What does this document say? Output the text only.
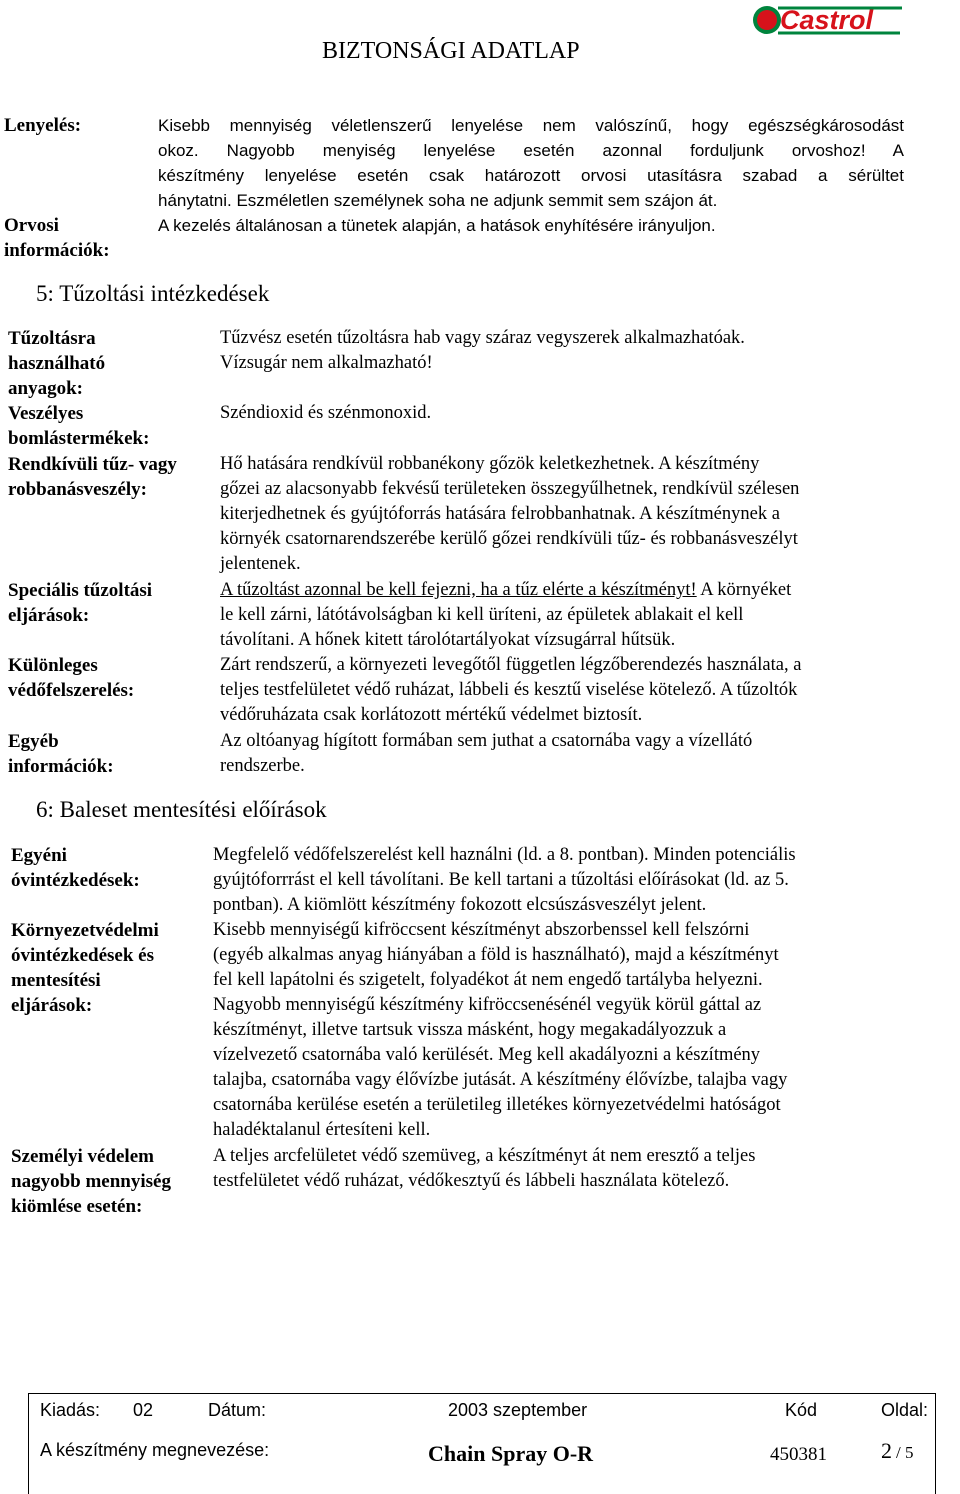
BIZTONSÁGI ADATLAP
Castrol
Lenyelés:	Kisebb mennyiség véletlenszerű lenyelése nem valószínű, hogy egészségkárosodást
okoz. Nagyobb menyiség lenyelése esetén azonnal forduljunk orvoshoz! A
készítmény lenyelése esetén csak határozott orvosi utasításra szabad a sérültet
hánytatni. Eszméletlen személynek soha ne adjunk semmit sem szájon át.
Orvosi
információk:
A kezelés általánosan a tünetek alapján, a hatások enyhítésére irányuljon.
5: Tűzoltási intézkedések
Tűzoltásra
használható
anyagok:
Tűzvész esetén tűzoltásra hab vagy száraz vegyszerek alkalmazhatóak.
Vízsugár nem alkalmazható!
Veszélyes
bomlástermékek:
Széndioxid és szénmonoxid.
Rendkívüli tűz- vagy
robbanásveszély:
Hő hatására rendkívül robbanékony gőzök keletkezhetnek. A készítmény
gőzei az alacsonyabb fekvésű területeken összegyűlhetnek, rendkívül szélesen
kiterjedhetnek és gyújtóforrás hatására felrobbanhatnak. A készítménynek a
környék csatornarendszerébe kerülő gőzei rendkívüli tűz- és robbanásveszélyt
jelentenek.
Speciális tűzoltási
eljárások:
A tűzoltást azonnal be kell fejezni, ha a tűz elérte a készítményt! A környéket
le kell zárni, látótávolságban ki kell üríteni, az épületek ablakait el kell
távolítani. A hőnek kitett tárolótartályokat vízsugárral hűtsük.
Különleges
védőfelszerelés:
Zárt rendszerű, a környezeti levegőtől független légzőberendezés használata, a
teljes testfelületet védő ruházat, lábbeli és kesztű viselése kötelező. A tűzoltók
védőruházata csak korlátozott mértékű védelmet biztosít.
Egyéb
információk:
Az oltóanyag hígított formában sem juthat a csatornába vagy a vízellátó
rendszerbe.
6: Baleset mentesítési előírások
Egyéni
óvintézkedések:
Megfelelő védőfelszerelést kell haználni (ld. a 8. pontban). Minden potenciális
gyújtóforrrást el kell távolítani. Be kell tartani a tűzoltási előírásokat (ld. az 5.
pontban). A kiömlött készítmény fokozott elcsúszásveszélyt jelent.
Környezetvédelmi
óvintézkedések és
mentesítési
eljárások:
Kisebb mennyiségű kifröccsent készítményt abszorbenssel kell felszórni
(egyéb alkalmas anyag hiányában a föld is használható), majd a készítményt
fel kell lapátolni és szigetelt, folyadékot át nem engedő tartályba helyezni.
Nagyobb mennyiségű készítmény kifröccsenésénél vegyük körül gáttal az
készítményt, illetve tartsuk vissza másként, hogy megakadályozzuk a
vízelvezető csatornába való kerülését. Meg kell akadályozni a készítmény
talajba, csatornába vagy élővízbe jutását. A készítmény élővízbe, talajba vagy
csatornába kerülése esetén a területileg illetékes környezetvédelmi hatóságot
haladéktalanul értesíteni kell.
Személyi védelem
nagyobb mennyiség
kiömlése esetén:
A teljes arcfelületet védő szemüveg, a készítményt át nem eresztő a teljes
testfelületet védő ruházat, védőkesztyű és lábbeli használata kötelező.
Kiadás: 02	Dátum:	2003 szeptember	Kód	Oldal:
A készítmény megnevezése:	Chain Spray O-R	450381 2 / 5
